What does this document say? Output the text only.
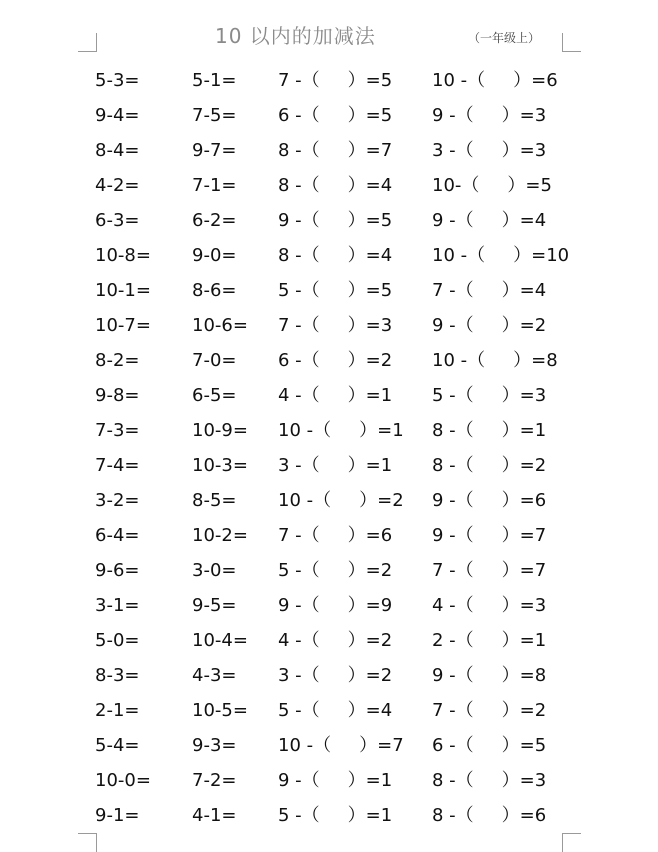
10 以内的加减法	（一年级上）
5-3=	5-1= 7 -（ ）=5 10 -（ ）=6
9-4=	7-5= 6 -（ ）=5 9 -（ ）=3
8-4=	9-7= 8 -（ ）=7 3 -（ ）=3
4-2=	7-1= 8 -（ ）=4 10-（ ）=5
6-3=	6-2= 9 -（ ）=5 9 -（ ）=4
10-8= 9-0= 8 -（ ）=4 10 -（ ）=10
10-1= 8-6= 5 -（ ）=5 7 -（ ）=4
10-7= 10-6= 7 -（ ）=3 9 -（ ）=2
8-2=	7-0= 6 -（ ）=2 10 -（ ）=8
9-8=	6-5= 4 -（ ）=1 5 -（ ）=3
7-3=	10-9= 10 -（ ）=1 8 -（ ）=1
7-4=	10-3= 3 -（ ）=1 8 -（ ）=2
3-2=	8-5= 10 -（ ）=2 9 -（ ）=6
6-4=	10-2= 7 -（ ）=6 9 -（ ）=7
9-6=	3-0= 5 -（ ）=2 7 -（ ）=7
3-1=	9-5= 9 -（ ）=9 4 -（ ）=3
5-0=	10-4= 4 -（ ）=2 2 -（ ）=1
8-3=	4-3= 3 -（ ）=2 9 -（ ）=8
2-1=	10-5= 5 -（ ）=4 7 -（ ）=2
5-4=	9-3= 10 -（ ）=7 6 -（ ）=5
10-0= 7-2= 9 -（ ）=1 8 -（ ）=3
9-1=	4-1= 5 -（ ）=1 8 -（ ）=6
